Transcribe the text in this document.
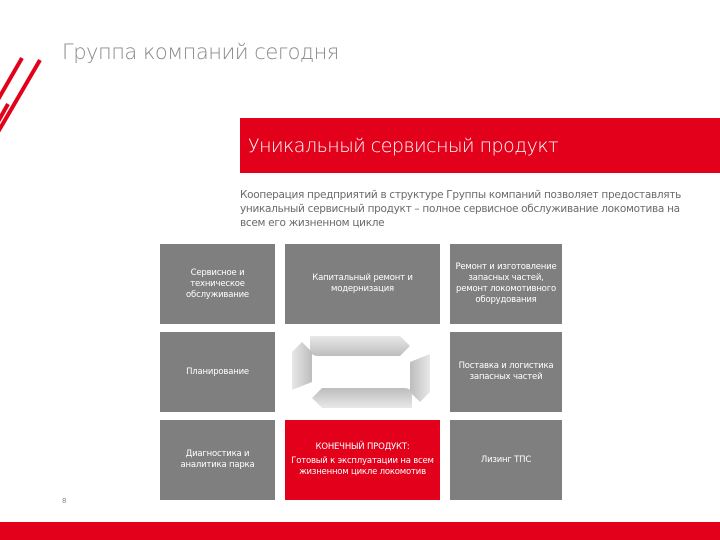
Группа компаний сегодня
Уникальный сервисный продукт
Кооперация предприятий в структуре Группы компаний позволяет предоставлять уникальный сервисный продукт – полное сервисное обслуживание локомотива на всем его жизненном цикле
Сервисное и техническое обслуживание
Капитальный ремонт и модернизация
Ремонт и изготовление запасных частей, ремонт локомотивного оборудования
Планирование
Поставка и логистика запасных частей
Диагностика и аналитика парка
КОНЕЧНЫЙ ПРОДУКТ:
Готовый к эксплуатации на всем жизненном цикле локомотив
Лизинг ТПС
8
